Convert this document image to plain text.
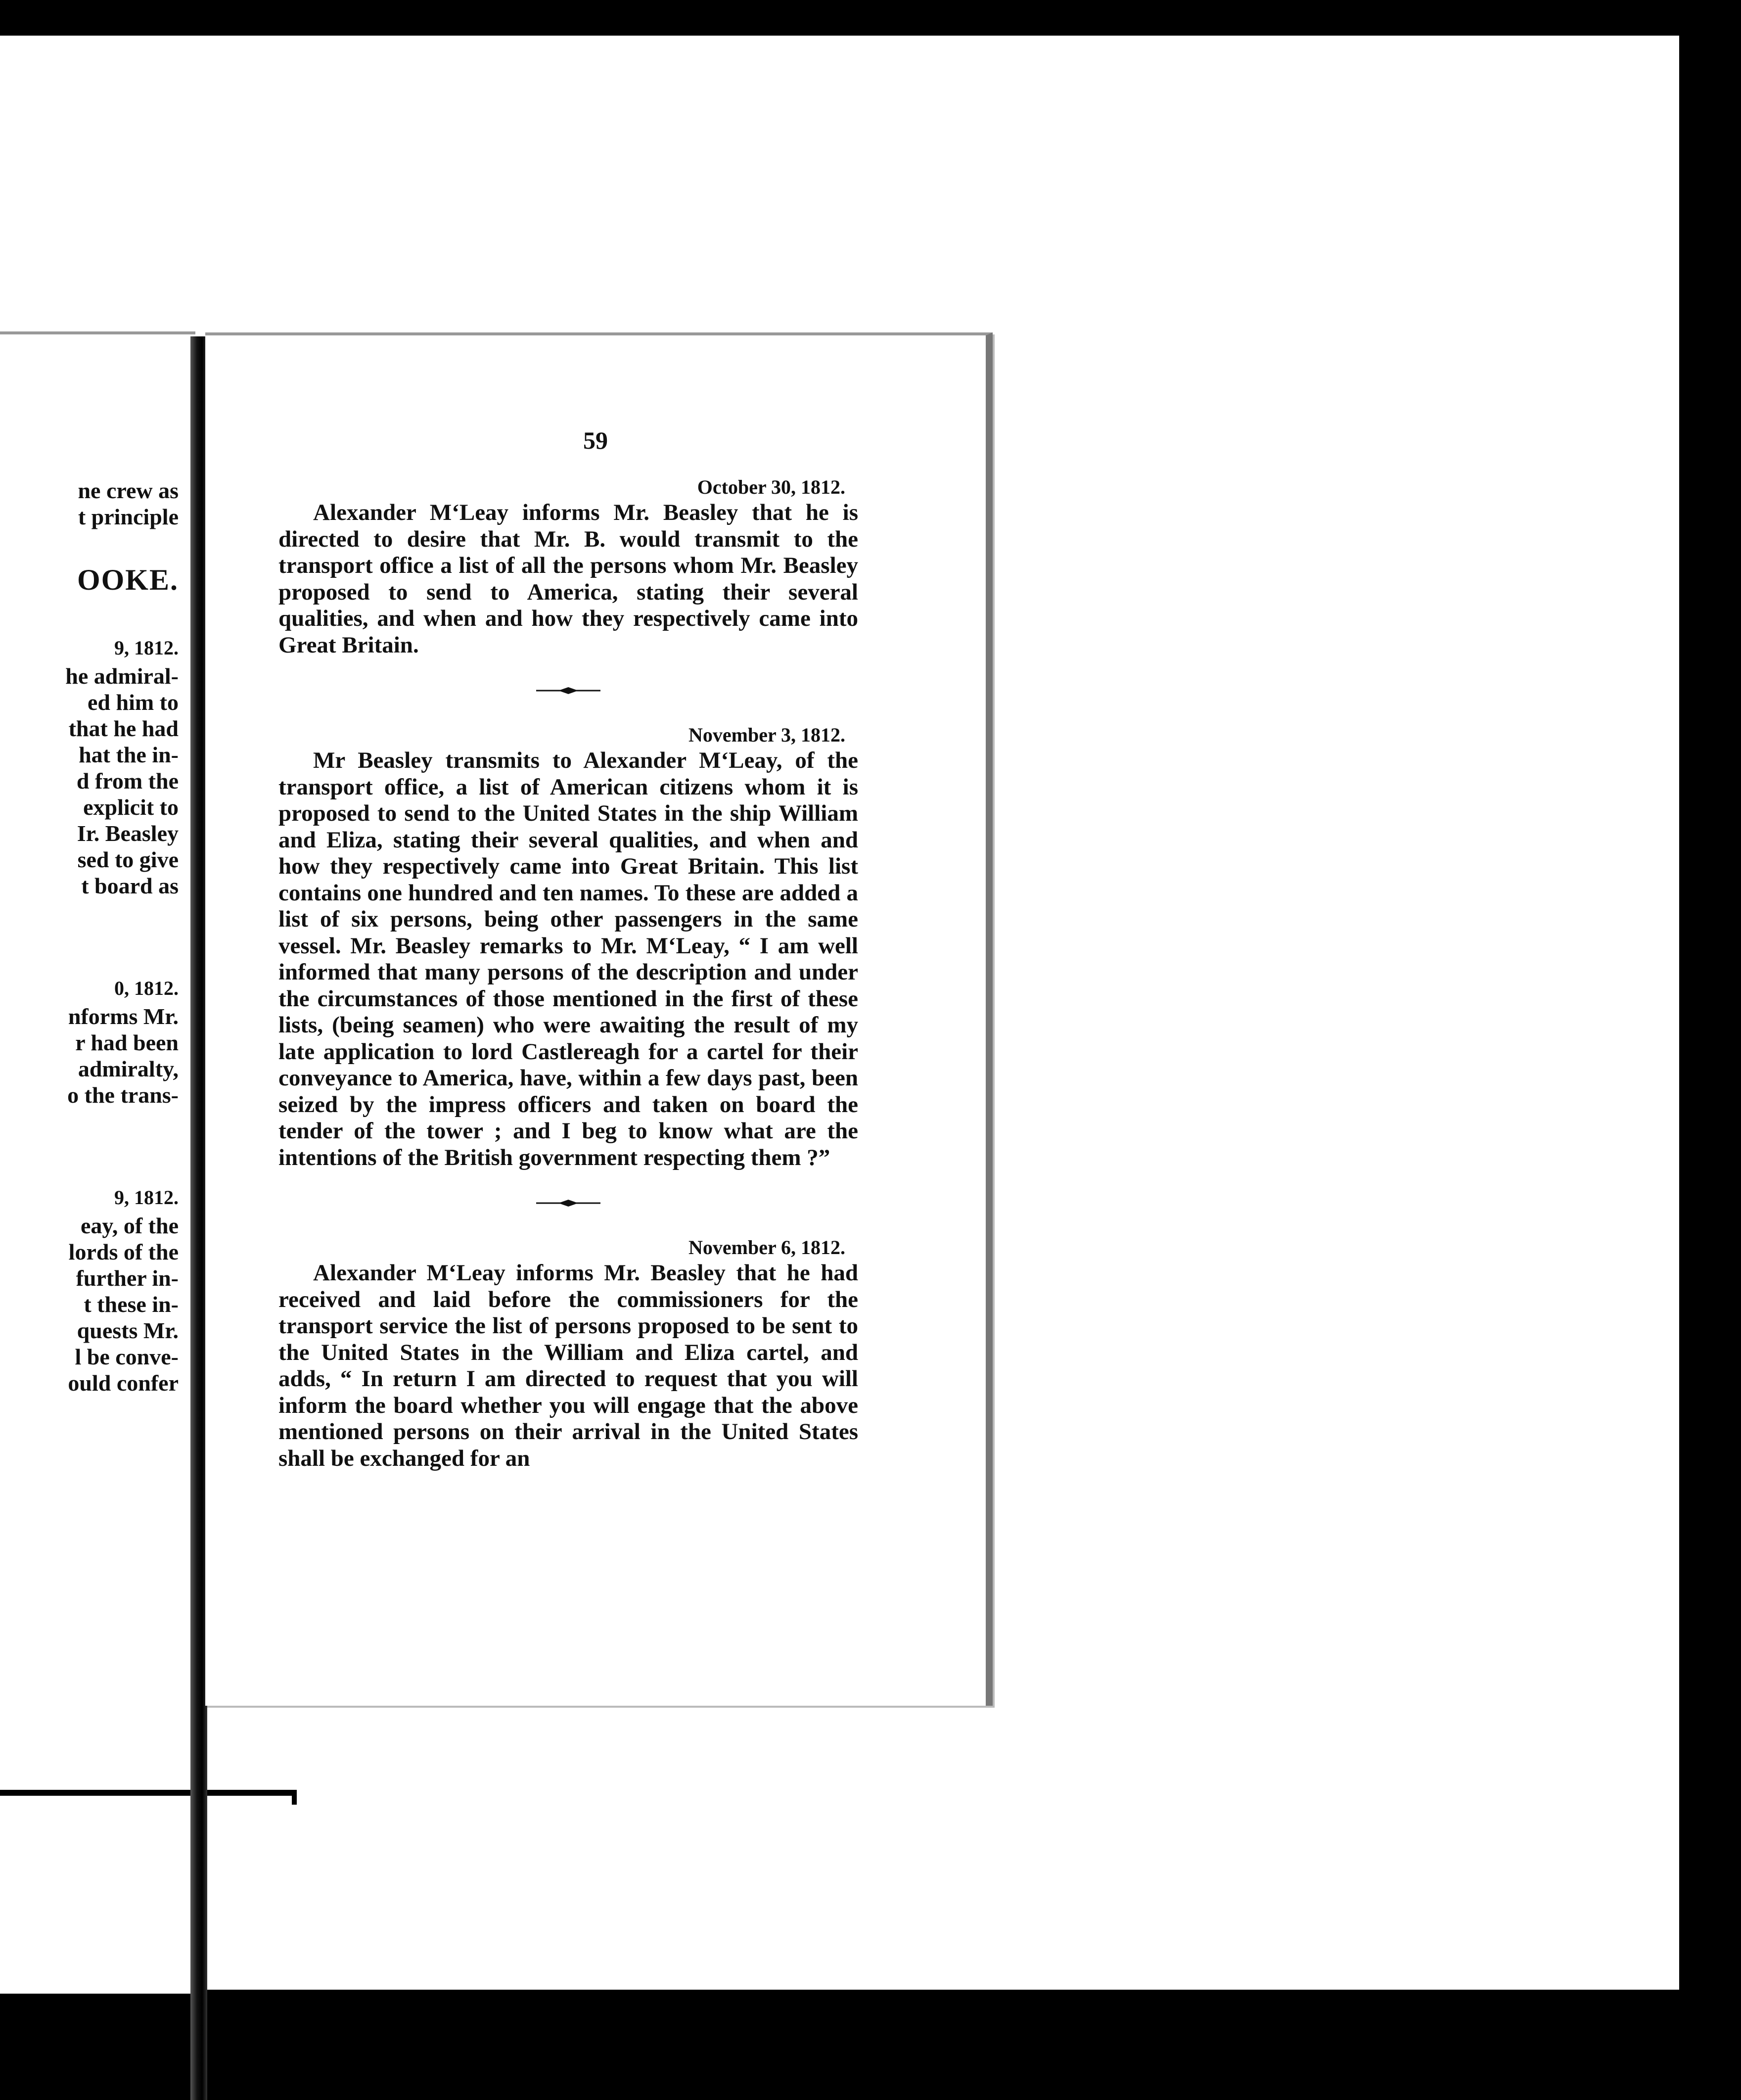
ne crew as
t principle
OOKE.
9, 1812.
he admiral-
ed him to
that he had
hat the in-
d from the
explicit to
Ir. Beasley
sed to give
t board as
0, 1812.
nforms Mr.
r had been
admiralty,
o the trans-
9, 1812.
eay, of the
lords of the
further in-
t these in-
quests Mr.
l be conve-
ould confer
59
October 30, 1812.
Alexander M‘Leay informs Mr. Beasley that he is directed to desire that Mr. B. would transmit to the transport office a list of all the persons whom Mr. Beasley proposed to send to America, stating their several qualities, and when and how they respectively came into Great Britain.
November 3, 1812.
Mr Beasley transmits to Alexander M‘Leay, of the transport office, a list of American citizens whom it is proposed to send to the United States in the ship William and Eliza, stating their several qualities, and when and how they respectively came into Great Britain. This list contains one hundred and ten names. To these are added a list of six persons, being other passengers in the same vessel. Mr. Beasley remarks to Mr. M‘Leay, “ I am well informed that many persons of the description and under the circumstances of those mentioned in the first of these lists, (being seamen) who were awaiting the result of my late application to lord Castlereagh for a cartel for their conveyance to America, have, within a few days past, been seized by the impress officers and taken on board the tender of the tower ; and I beg to know what are the intentions of the British government respecting them ?”
November 6, 1812.
Alexander M‘Leay informs Mr. Beasley that he had received and laid before the commissioners for the transport service the list of persons proposed to be sent to the United States in the William and Eliza cartel, and adds, “ In return I am directed to request that you will inform the board whether you will engage that the above mentioned persons on their arrival in the United States shall be exchanged for an
